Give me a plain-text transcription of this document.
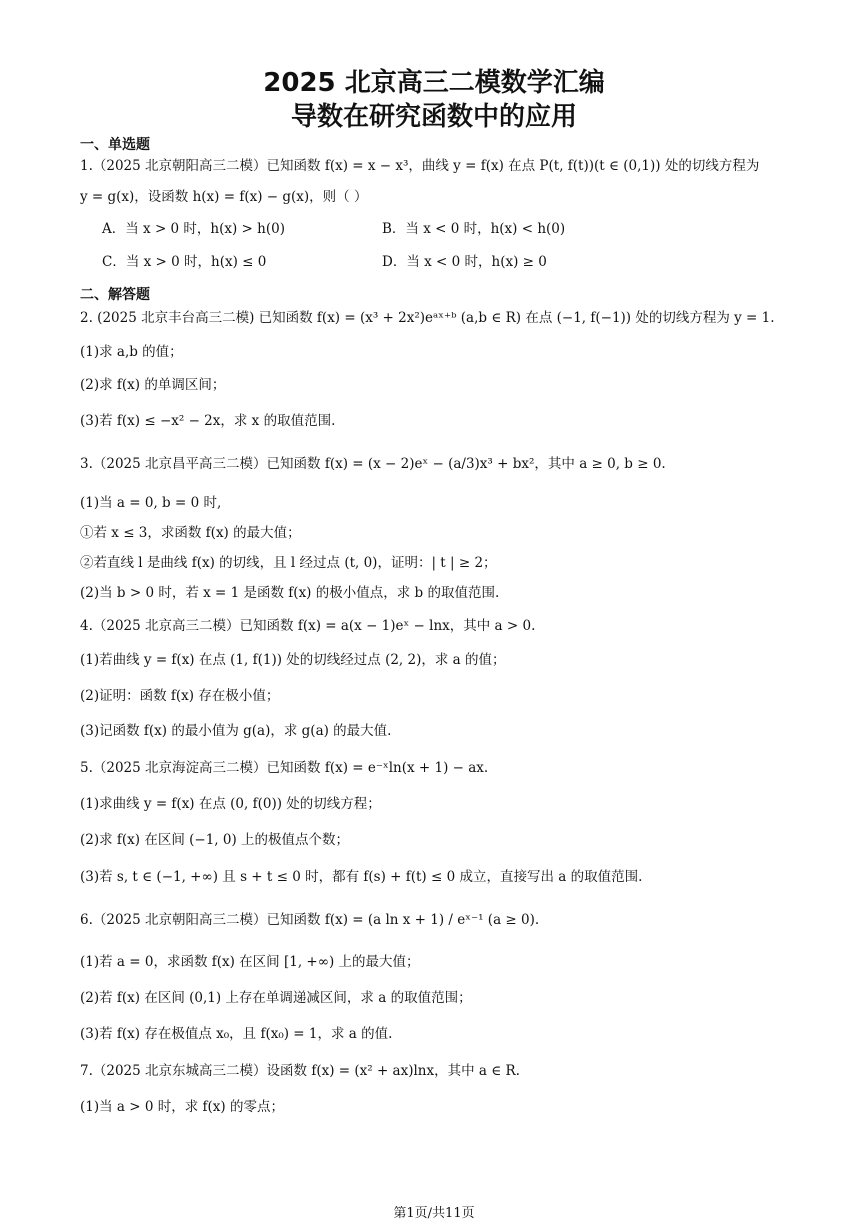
2025 北京高三二模数学汇编
导数在研究函数中的应用
一、单选题
1.（2025 北京朝阳高三二模）已知函数 f(x) = x − x³，曲线 y = f(x) 在点 P(t, f(t))(t ∈ (0,1)) 处的切线方程为
y = g(x)，设函数 h(x) = f(x) − g(x)，则（ ）
A．当 x > 0 时，h(x) > h(0)	B．当 x < 0 时，h(x) < h(0)
C．当 x > 0 时，h(x) ≤ 0	D．当 x < 0 时，h(x) ≥ 0
二、解答题
2. (2025 北京丰台高三二模) 已知函数 f(x) = (x³ + 2x²)eᵃˣ⁺ᵇ (a,b ∈ R) 在点 (−1, f(−1)) 处的切线方程为 y = 1.
(1)求 a,b 的值；
(2)求 f(x) 的单调区间；
(3)若 f(x) ≤ −x² − 2x，求 x 的取值范围.
3.（2025 北京昌平高三二模）已知函数 f(x) = (x − 2)eˣ − (a/3)x³ + bx²，其中 a ≥ 0, b ≥ 0.
(1)当 a = 0, b = 0 时,
①若 x ≤ 3，求函数 f(x) 的最大值；
②若直线 l 是曲线 f(x) 的切线，且 l 经过点 (t, 0)，证明：| t | ≥ 2；
(2)当 b > 0 时，若 x = 1 是函数 f(x) 的极小值点，求 b 的取值范围.
4.（2025 北京高三二模）已知函数 f(x) = a(x − 1)eˣ − lnx，其中 a > 0.
(1)若曲线 y = f(x) 在点 (1, f(1)) 处的切线经过点 (2, 2)，求 a 的值；
(2)证明：函数 f(x) 存在极小值；
(3)记函数 f(x) 的最小值为 g(a)，求 g(a) 的最大值.
5.（2025 北京海淀高三二模）已知函数 f(x) = e⁻ˣln(x + 1) − ax.
(1)求曲线 y = f(x) 在点 (0, f(0)) 处的切线方程；
(2)求 f(x) 在区间 (−1, 0) 上的极值点个数；
(3)若 s, t ∈ (−1, +∞) 且 s + t ≤ 0 时，都有 f(s) + f(t) ≤ 0 成立，直接写出 a 的取值范围.
6.（2025 北京朝阳高三二模）已知函数 f(x) = (a ln x + 1) / eˣ⁻¹ (a ≥ 0).
(1)若 a = 0，求函数 f(x) 在区间 [1, +∞) 上的最大值；
(2)若 f(x) 在区间 (0,1) 上存在单调递减区间，求 a 的取值范围；
(3)若 f(x) 存在极值点 x₀，且 f(x₀) = 1，求 a 的值.
7.（2025 北京东城高三二模）设函数 f(x) = (x² + ax)lnx，其中 a ∈ R.
(1)当 a > 0 时，求 f(x) 的零点；
第1页/共11页
